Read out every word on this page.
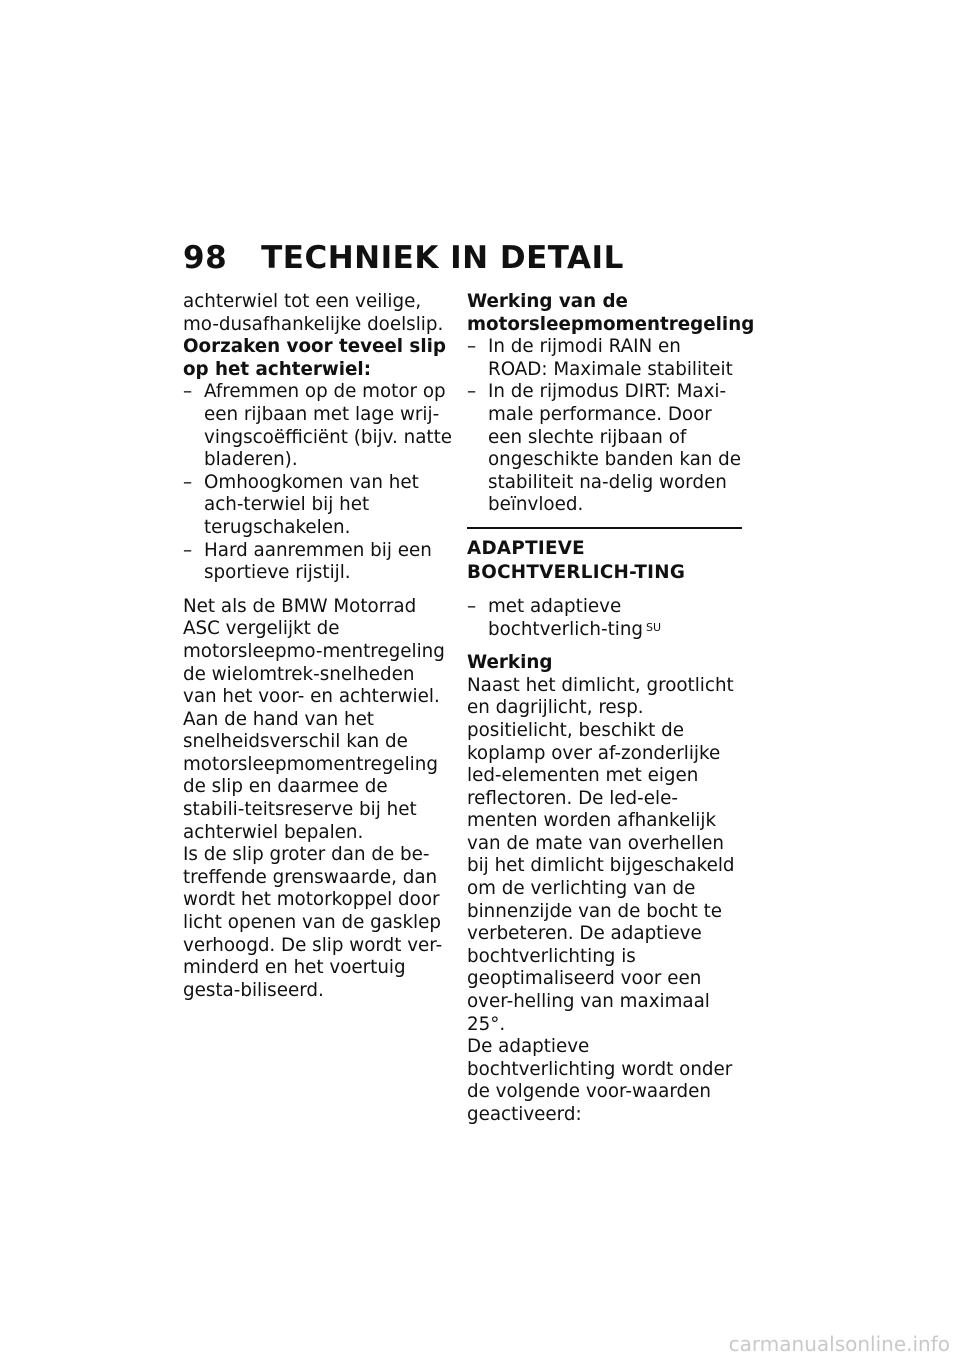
98 TECHNIEK IN DETAIL

achterwiel tot een veilige, mo-dusafhankelijke doelslip.

Oorzaken voor teveel slip op het achterwiel:

– Afremmen op de motor op een rijbaan met lage wrij-vingscoëfficiënt (bijv. natte bladeren).
– Omhoogkomen van het ach-terwiel bij het terugschakelen.
– Hard aanremmen bij een sportieve rijstijl.

Net als de BMW Motorrad ASC vergelijkt de motorsleepmo-mentregeling de wielomtrek-snelheden van het voor- en achterwiel. Aan de hand van het snelheidsverschil kan de motorsleepmomentregeling de slip en daarmee de stabili-teitsreserve bij het achterwiel bepalen.

Is de slip groter dan de be-treffende grenswaarde, dan wordt het motorkoppel door licht openen van de gasklep verhoogd. De slip wordt ver-minderd en het voertuig gesta-biliseerd.

Werking van de motorsleepmomentregeling

– In de rijmodi RAIN en ROAD: Maximale stabiliteit
– In de rijmodus DIRT: Maxi-male performance. Door een slechte rijbaan of ongeschikte banden kan de stabiliteit na-delig worden beïnvloed.
ADAPTIEVE BOCHTVERLICH-TING
– met adaptieve bochtverlich-ting $^{SU}$

Werking

Naast het dimlicht, grootlicht en dagrijlicht, resp. positielicht, beschikt de koplamp over af-zonderlijke led-elementen met eigen reflectoren. De led-ele-menten worden afhankelijk van de mate van overhellen bij het dimlicht bijgeschakeld om de verlichting van de binnenzijde van de bocht te verbeteren. De adaptieve bochtverlichting is geoptimaliseerd voor een over-helling van maximaal 25°.

De adaptieve bochtverlichting wordt onder de volgende voor-waarden geactiveerd:

carmanualsonline.info
